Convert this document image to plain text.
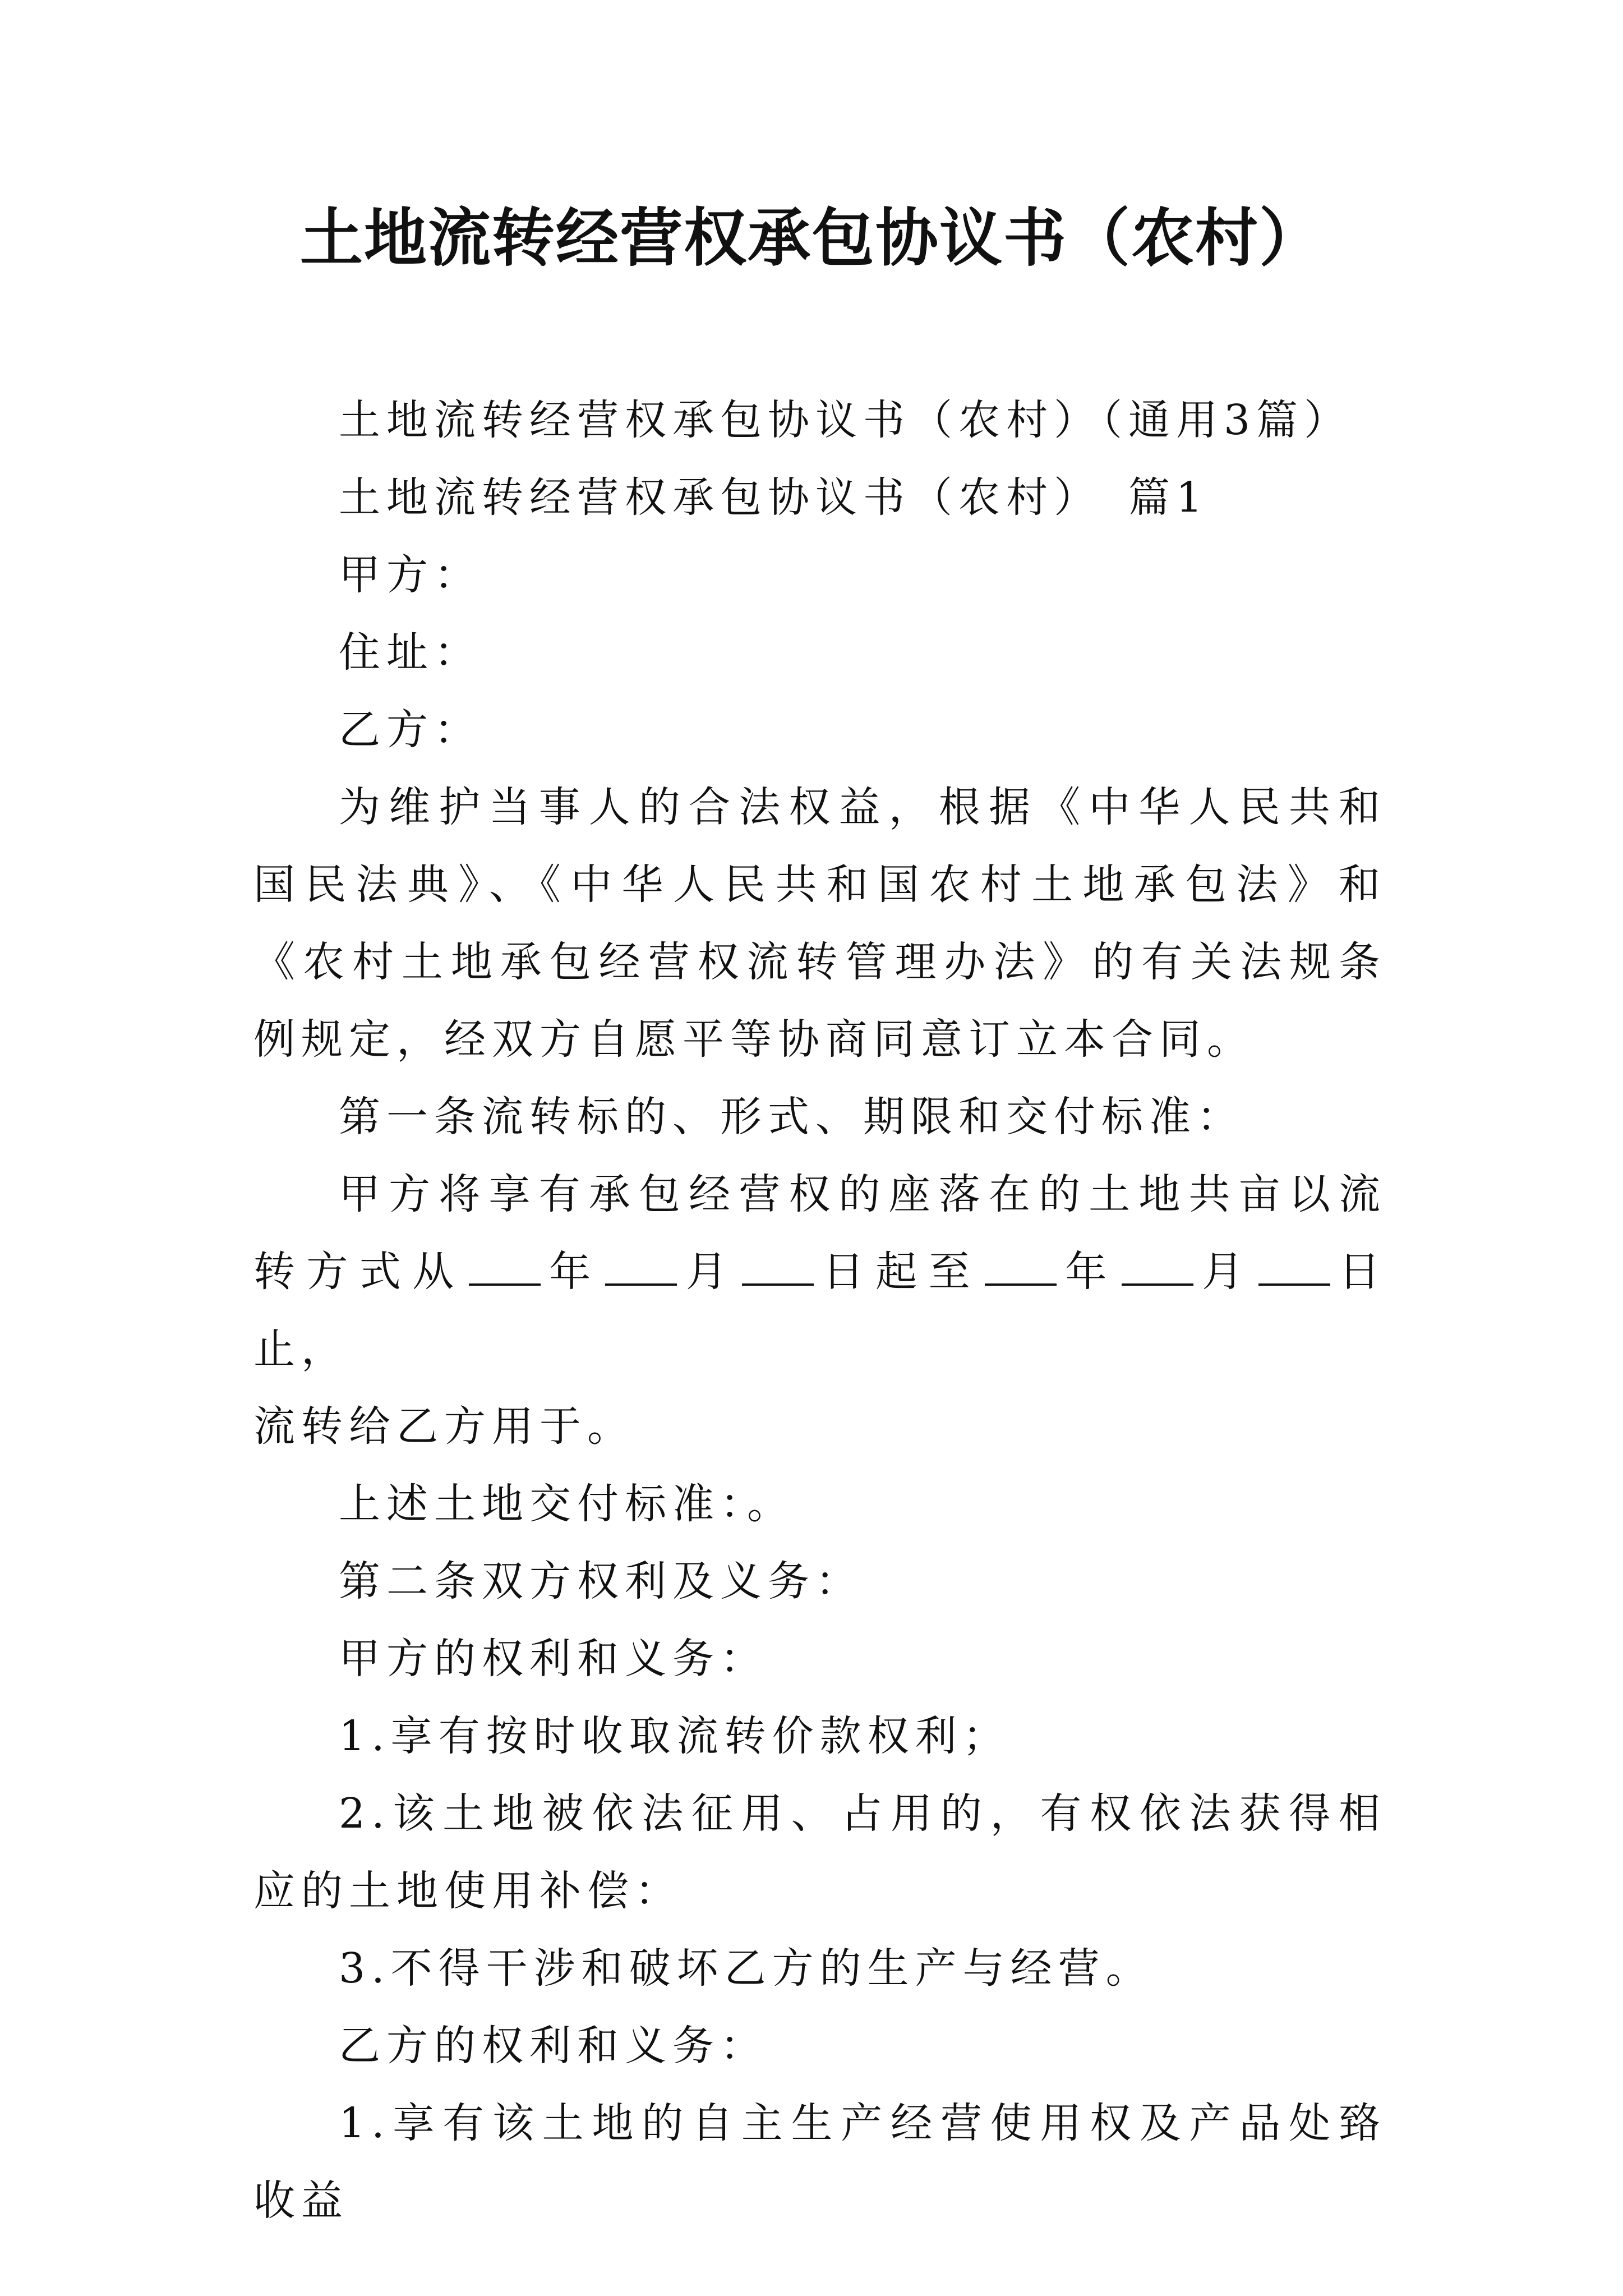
土地流转经营权承包协议书（农村）

土地流转经营权承包协议书（农村）（通用3篇）

土地流转经营权承包协议书（农村）　篇1

甲方：

住址：

乙方：

为维护当事人的合法权益，根据《中华人民共和国民法典》、《中华人民共和国农村土地承包法》和《农村土地承包经营权流转管理办法》的有关法规条例规定，经双方自愿平等协商同意订立本合同。

第一条流转标的、形式、期限和交付标准：

甲方将享有承包经营权的座落在的土地共亩以流转方式从 年 月 日起至 年 月 日止，

流转给乙方用于。

上述土地交付标准：。

第二条双方权利及义务：

甲方的权利和义务：

1.享有按时收取流转价款权利；

2.该土地被依法征用、占用的，有权依法获得相应的土地使用补偿：

3.不得干涉和破坏乙方的生产与经营。

乙方的权利和义务：

1.享有该土地的自主生产经营使用权及产品处臵收益
